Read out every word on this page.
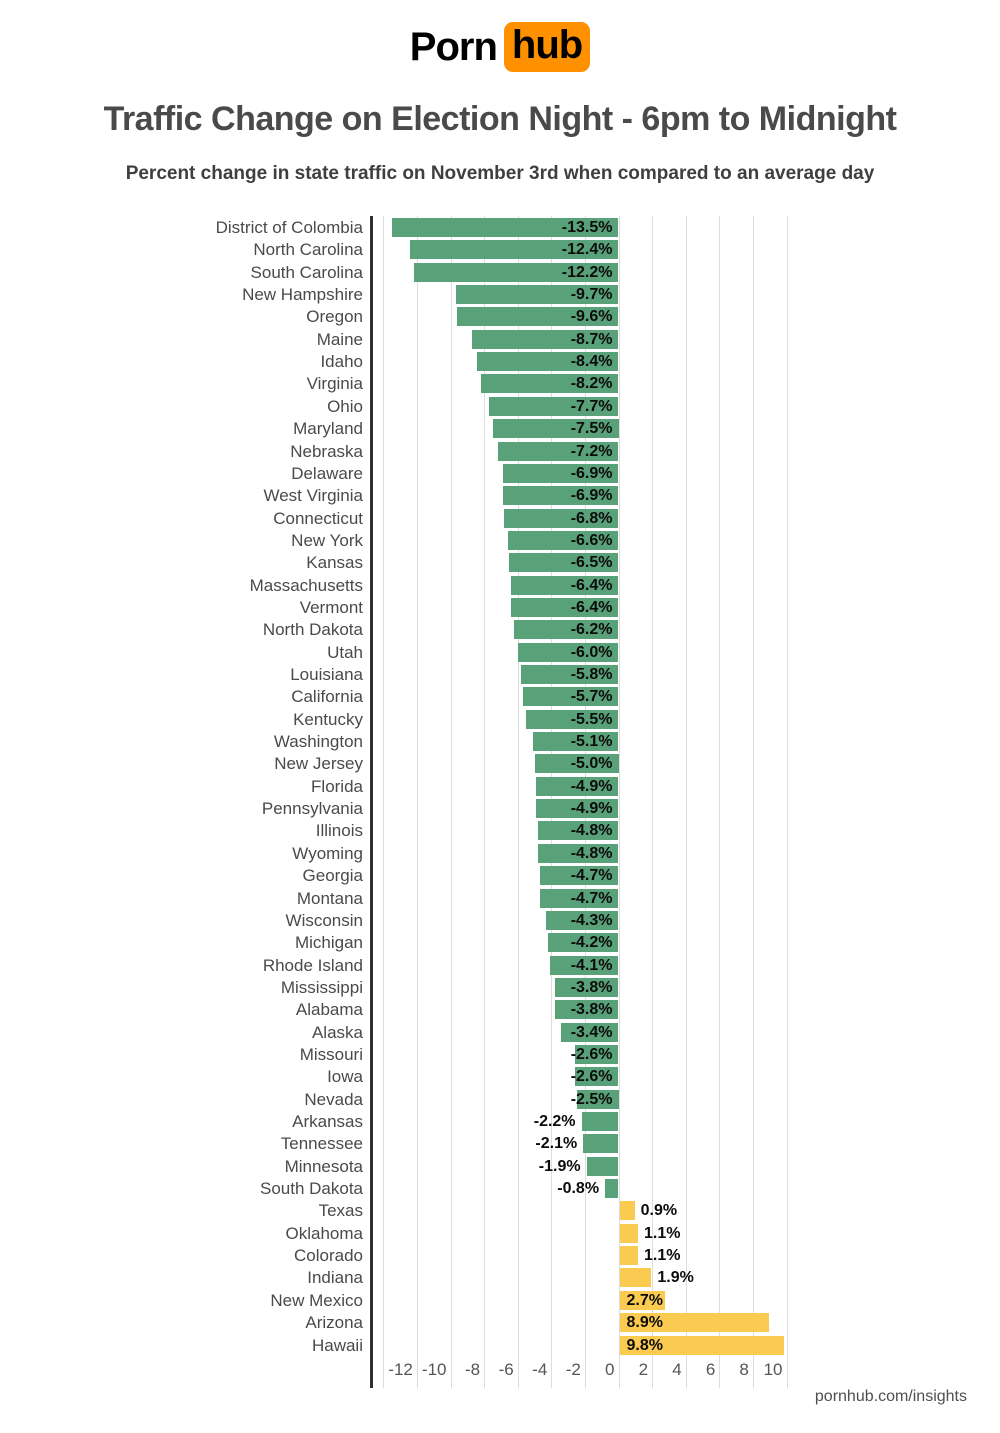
Porn hub
Traffic Change on Election Night - 6pm to Midnight
Percent change in state traffic on November 3rd when compared to an average day
District of Colombia	-13.5%
North Carolina	-12.4%
South Carolina	-12.2%
New Hampshire	-9.7%
Oregon	-9.6%
Maine	-8.7%
Idaho	-8.4%
Virginia	-8.2%
Ohio	-7.7%
Maryland	-7.5%
Nebraska	-7.2%
Delaware	-6.9%
West Virginia	-6.9%
Connecticut	-6.8%
New York	-6.6%
Kansas	-6.5%
Massachusetts	-6.4%
Vermont	-6.4%
North Dakota	-6.2%
Utah	-6.0%
Louisiana	-5.8%
California	-5.7%
Kentucky	-5.5%
Washington	-5.1%
New Jersey	-5.0%
Florida	-4.9%
Pennsylvania	-4.9%
Illinois	-4.8%
Wyoming	-4.8%
Georgia	-4.7%
Montana	-4.7%
Wisconsin	-4.3%
Michigan	-4.2%
Rhode Island	-4.1%
Mississippi	-3.8%
Alabama	-3.8%
Alaska	-3.4%
Missouri	-2.6%
Iowa	-2.6%
Nevada	-2.5%
Arkansas	-2.2%
Tennessee	-2.1%
Minnesota	-1.9%
South Dakota	-0.8%
Texas	0.9%
Oklahoma	1.1%
Colorado	1.1%
Indiana	1.9%
New Mexico	2.7%
Arizona	8.9%
Hawaii	9.8%
-12 -10 -8 -6 -4 -2 0 2 4 6 8 10
pornhub.com/insights
